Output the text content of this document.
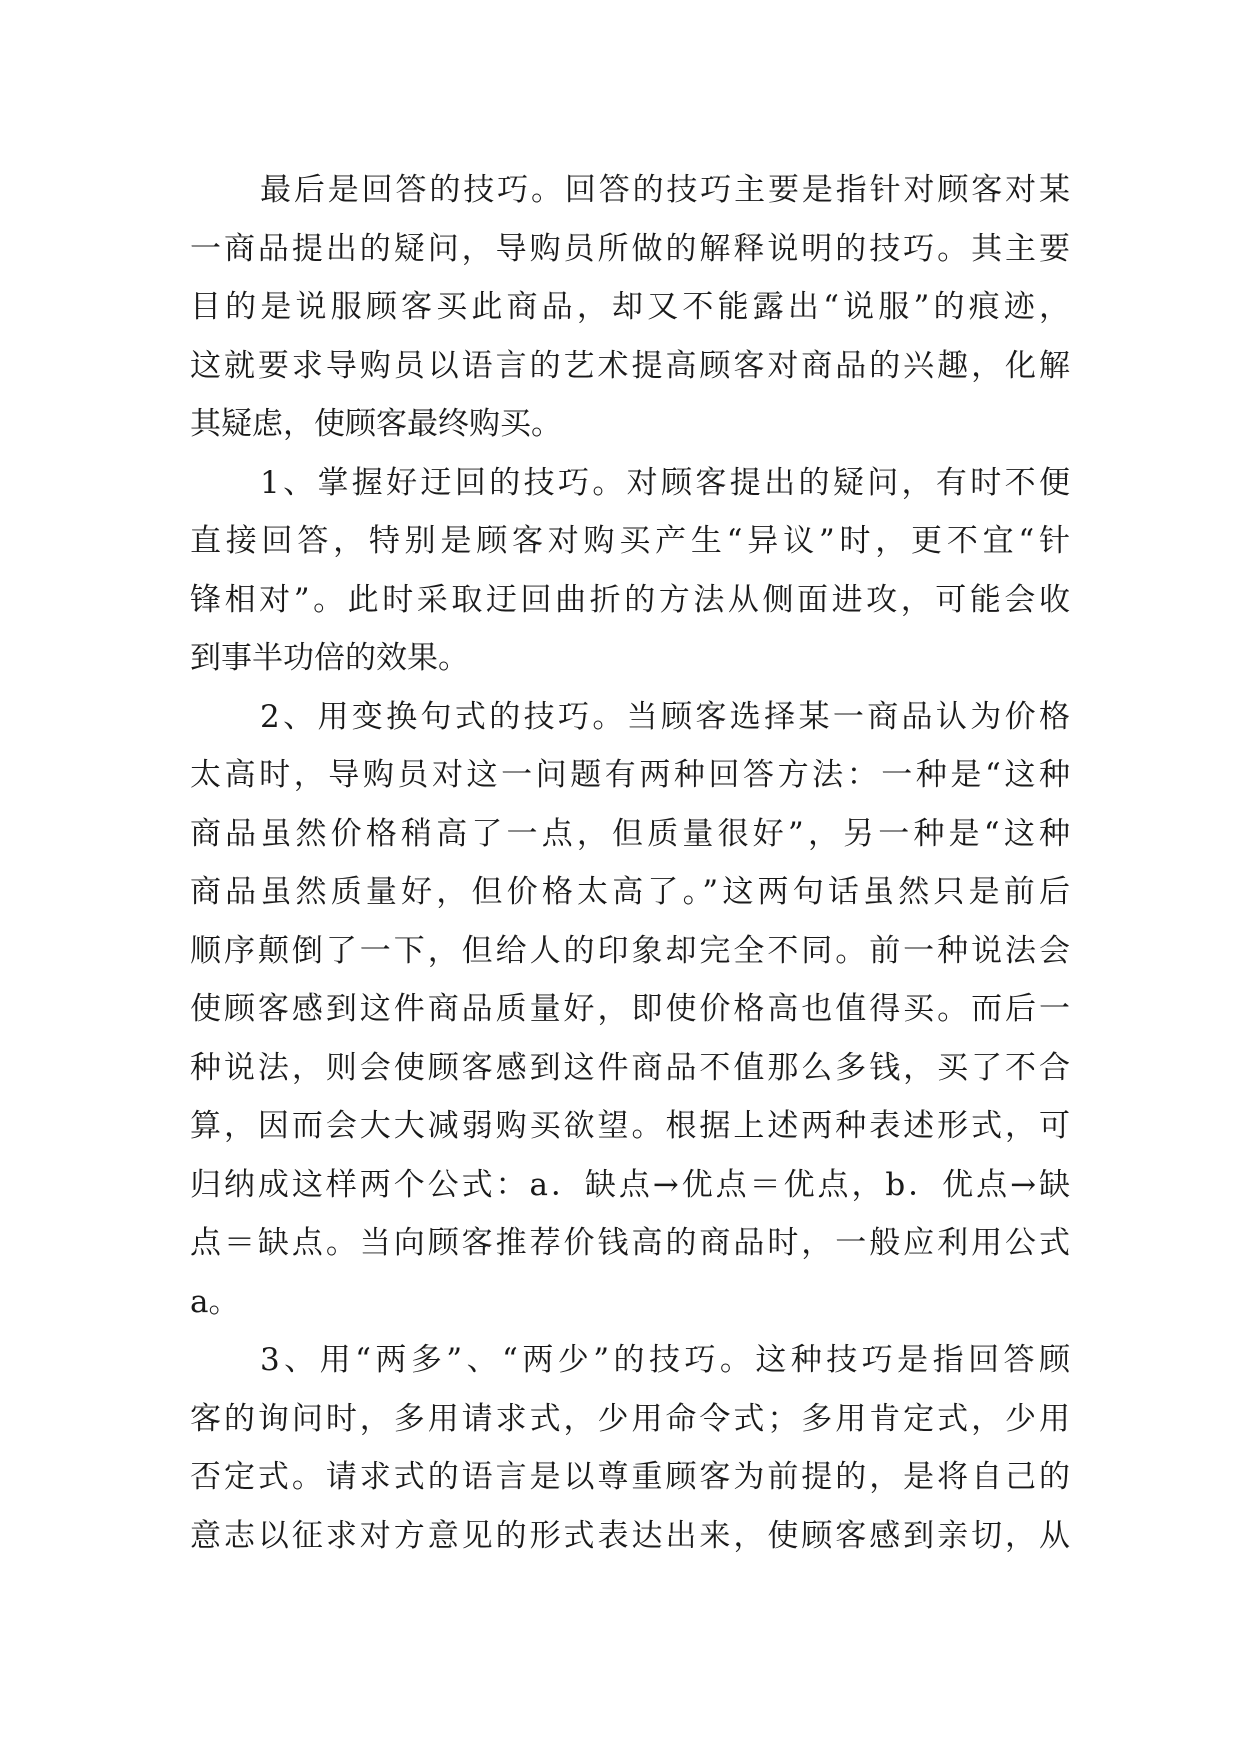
最后是回答的技巧。回答的技巧主要是指针对顾客对某
一商品提出的疑问，导购员所做的解释说明的技巧。其主要
目的是说服顾客买此商品，却又不能露出“说服”的痕迹，
这就要求导购员以语言的艺术提高顾客对商品的兴趣，化解
其疑虑，使顾客最终购买。
1、掌握好迂回的技巧。对顾客提出的疑问，有时不便
直接回答，特别是顾客对购买产生“异议”时，更不宜“针
锋相对”。此时采取迂回曲折的方法从侧面进攻，可能会收
到事半功倍的效果。
2、用变换句式的技巧。当顾客选择某一商品认为价格
太高时，导购员对这一问题有两种回答方法：一种是“这种
商品虽然价格稍高了一点，但质量很好”，另一种是“这种
商品虽然质量好，但价格太高了。”这两句话虽然只是前后
顺序颠倒了一下，但给人的印象却完全不同。前一种说法会
使顾客感到这件商品质量好，即使价格高也值得买。而后一
种说法，则会使顾客感到这件商品不值那么多钱，买了不合
算，因而会大大减弱购买欲望。根据上述两种表述形式，可
归纳成这样两个公式：a．缺点→优点＝优点，b．优点→缺
点＝缺点。当向顾客推荐价钱高的商品时，一般应利用公式
a。
3、用“两多”、“两少”的技巧。这种技巧是指回答顾
客的询问时，多用请求式，少用命令式；多用肯定式，少用
否定式。请求式的语言是以尊重顾客为前提的，是将自己的
意志以征求对方意见的形式表达出来，使顾客感到亲切，从
